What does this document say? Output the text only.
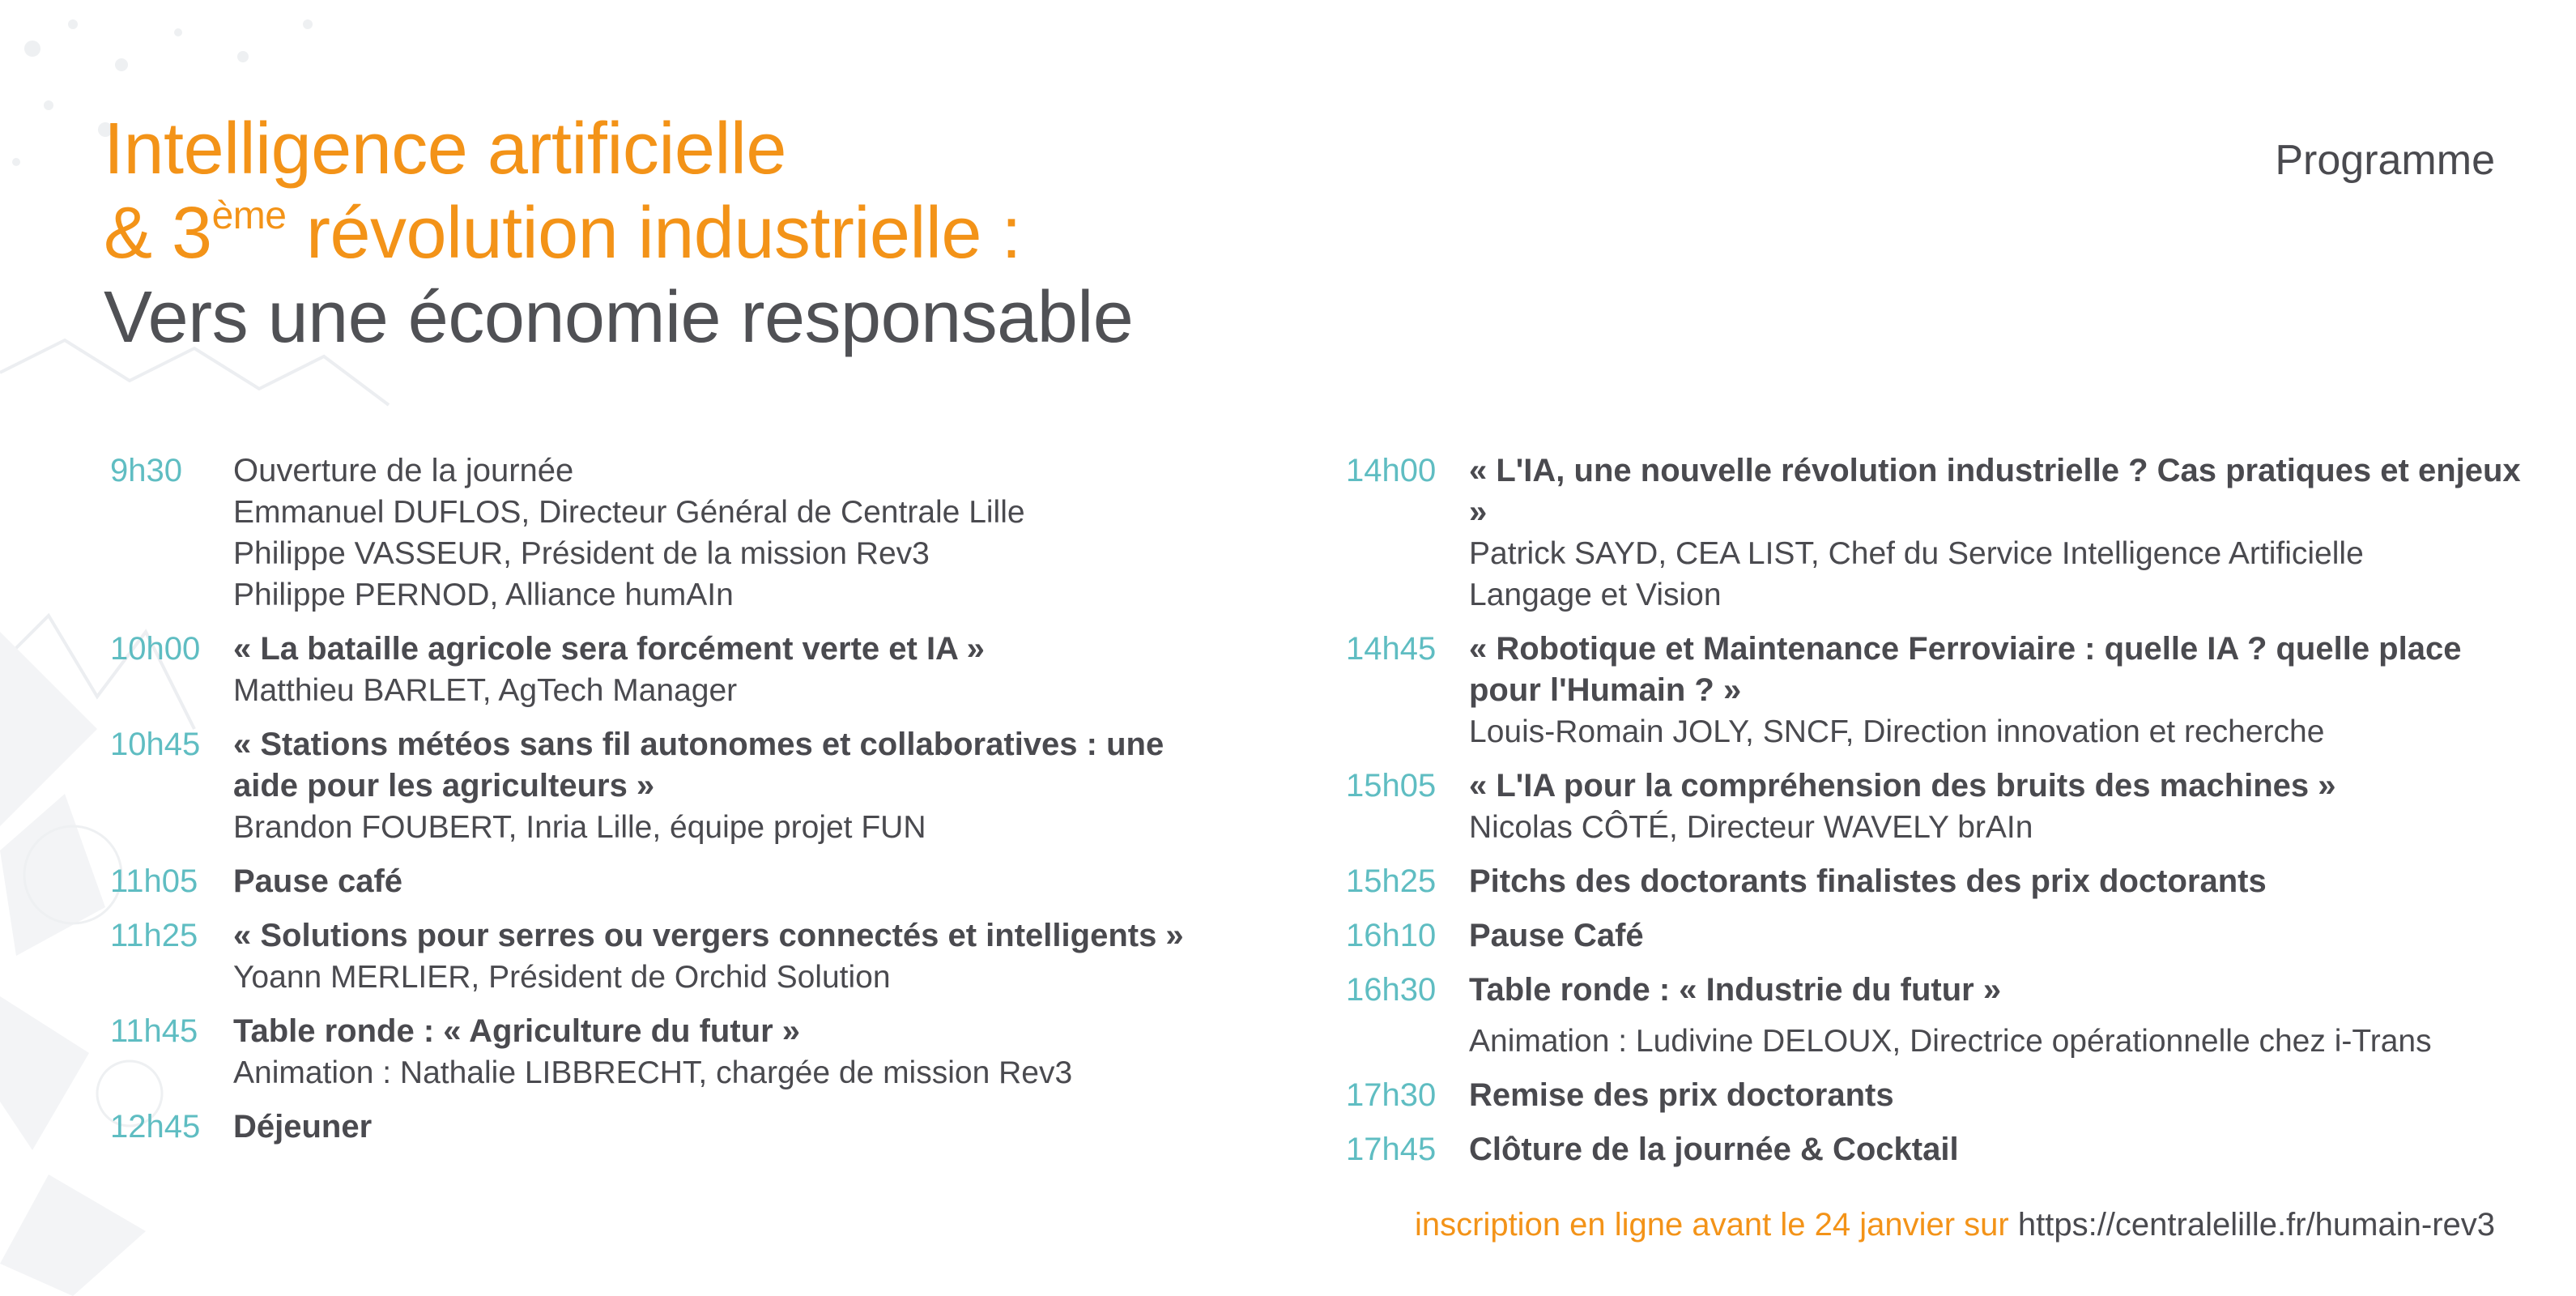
Intelligence artificielle
& 3ème révolution industrielle :
Vers une économie responsable
Programme
9h30	Ouverture de la journée
Emmanuel DUFLOS, Directeur Général de Centrale Lille
Philippe VASSEUR, Président de la mission Rev3
Philippe PERNOD, Alliance humAIn
10h00	« La bataille agricole sera forcément verte et IA »
Matthieu BARLET, AgTech Manager
10h45	« Stations météos sans fil autonomes et collaboratives : une aide pour les agriculteurs »
Brandon FOUBERT, Inria Lille, équipe projet FUN
11h05	Pause café
11h25	« Solutions pour serres ou vergers connectés et intelligents »
Yoann MERLIER, Président de Orchid Solution
11h45	Table ronde : « Agriculture du futur »
Animation : Nathalie LIBBRECHT, chargée de mission Rev3
12h45	Déjeuner
14h00	« L'IA, une nouvelle révolution industrielle ? Cas pratiques et enjeux »
Patrick SAYD, CEA LIST, Chef du Service Intelligence Artificielle
Langage et Vision
14h45	« Robotique et Maintenance Ferroviaire : quelle IA ? quelle place pour l'Humain ? »
Louis-Romain JOLY, SNCF, Direction innovation et recherche
15h05	« L'IA pour la compréhension des bruits des machines »
Nicolas CÔTÉ, Directeur WAVELY brAIn
15h25	Pitchs des doctorants finalistes des prix doctorants
16h10	Pause Café
16h30	Table ronde : « Industrie du futur »
Animation : Ludivine DELOUX, Directrice opérationnelle chez i-Trans
17h30	Remise des prix doctorants
17h45	Clôture de la journée & Cocktail
inscription en ligne avant le 24 janvier sur https://centralelille.fr/humain-rev3
